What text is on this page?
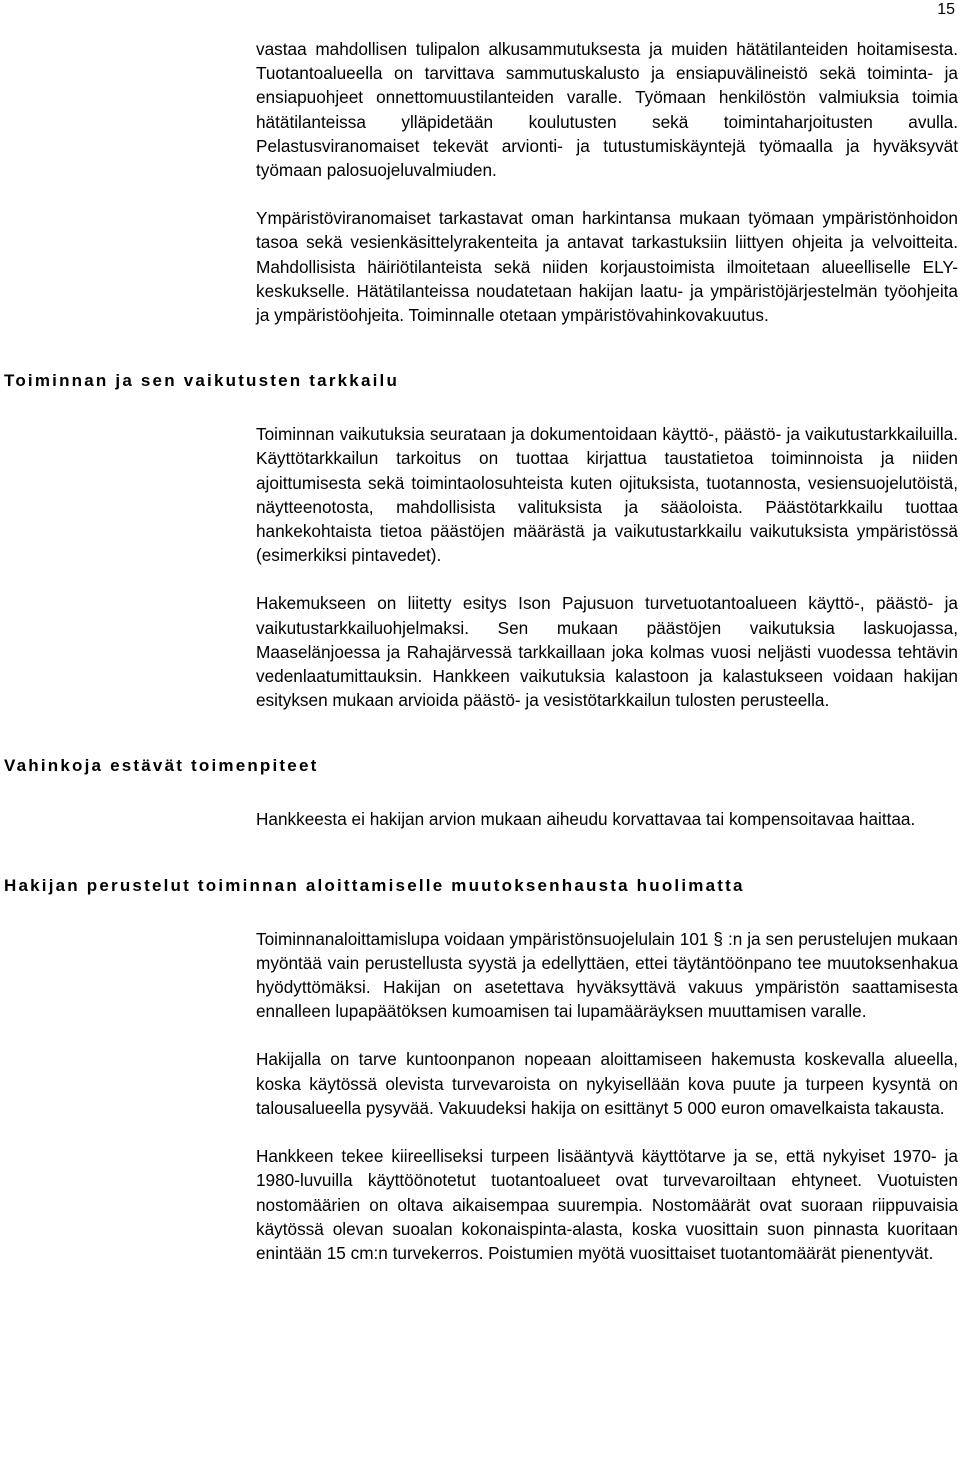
15

vastaa mahdollisen tulipalon alkusammutuksesta ja muiden hätätilanteiden hoitamisesta. Tuotantoalueella on tarvittava sammutuskalusto ja ensiapuvälineistö sekä toiminta- ja ensiapuohjeet onnettomuustilanteiden varalle. Työmaan henkilöstön valmiuksia toimia hätätilanteissa ylläpidetään koulutusten sekä toimintaharjoitusten avulla. Pelastusviranomaiset tekevät arvionti- ja tutustumiskäyntejä työmaalla ja hyväksyvät työmaan palosuojeluvalmiuden.

Ympäristöviranomaiset tarkastavat oman harkintansa mukaan työmaan ympäristönhoidon tasoa sekä vesienkäsittelyrakenteita ja antavat tarkastuksiin liittyen ohjeita ja velvoitteita. Mahdollisista häiriötilanteista sekä niiden korjaustoimista ilmoitetaan alueelliselle ELY-keskukselle. Hätätilanteissa noudatetaan hakijan laatu- ja ympäristöjärjestelmän työohjeita ja ympäristöohjeita. Toiminnalle otetaan ympäristövahinkovakuutus.

Toiminnan ja sen vaikutusten tarkkailu

Toiminnan vaikutuksia seurataan ja dokumentoidaan käyttö-, päästö- ja vaikutustarkkailuilla. Käyttötarkkailun tarkoitus on tuottaa kirjattua taustatietoa toiminnoista ja niiden ajoittumisesta sekä toimintaolosuhteista kuten ojituksista, tuotannosta, vesiensuojelutöistä, näytteenotosta, mahdollisista valituksista ja sääoloista. Päästötarkkailu tuottaa hankekohtaista tietoa päästöjen määrästä ja vaikutustarkkailu vaikutuksista ympäristössä (esimerkiksi pintavedet).

Hakemukseen on liitetty esitys Ison Pajusuon turvetuotantoalueen käyttö-, päästö- ja vaikutustarkkailuohjelmaksi. Sen mukaan päästöjen vaikutuksia laskuojassa, Maaselänjoessa ja Rahajärvessä tarkkaillaan joka kolmas vuosi neljästi vuodessa tehtävin vedenlaatumittauksin. Hankkeen vaikutuksia kalastoon ja kalastukseen voidaan hakijan esityksen mukaan arvioida päästö- ja vesistötarkkailun tulosten perusteella.

Vahinkoja estävät toimenpiteet

Hankkeesta ei hakijan arvion mukaan aiheudu korvattavaa tai kompensoitavaa haittaa.

Hakijan perustelut toiminnan aloittamiselle muutoksenhausta huolimatta

Toiminnanaloittamislupa voidaan ympäristönsuojelulain 101 § :n ja sen perustelujen mukaan myöntää vain perustellusta syystä ja edellyttäen, ettei täytäntöönpano tee muutoksenhakua hyödyttömäksi. Hakijan on asetettava hyväksyttävä vakuus ympäristön saattamisesta ennalleen lupapäätöksen kumoamisen tai lupamääräyksen muuttamisen varalle.

Hakijalla on tarve kuntoonpanon nopeaan aloittamiseen hakemusta koskevalla alueella, koska käytössä olevista turvevaroista on nykyisellään kova puute ja turpeen kysyntä on talousalueella pysyvää. Vakuudeksi hakija on esittänyt 5 000 euron omavelkaista takausta.

Hankkeen tekee kiireelliseksi turpeen lisääntyvä käyttötarve ja se, että nykyiset 1970- ja 1980-luvuilla käyttöönotetut tuotantoalueet ovat turvevaroiltaan ehtyneet. Vuotuisten nostomäärien on oltava aikaisempaa suurempia. Nostomäärät ovat suoraan riippuvaisia käytössä olevan suoalan kokonaispinta-alasta, koska vuosittain suon pinnasta kuoritaan enintään 15 cm:n turvekerros. Poistumien myötä vuosittaiset tuotantomäärät pienentyvät.
